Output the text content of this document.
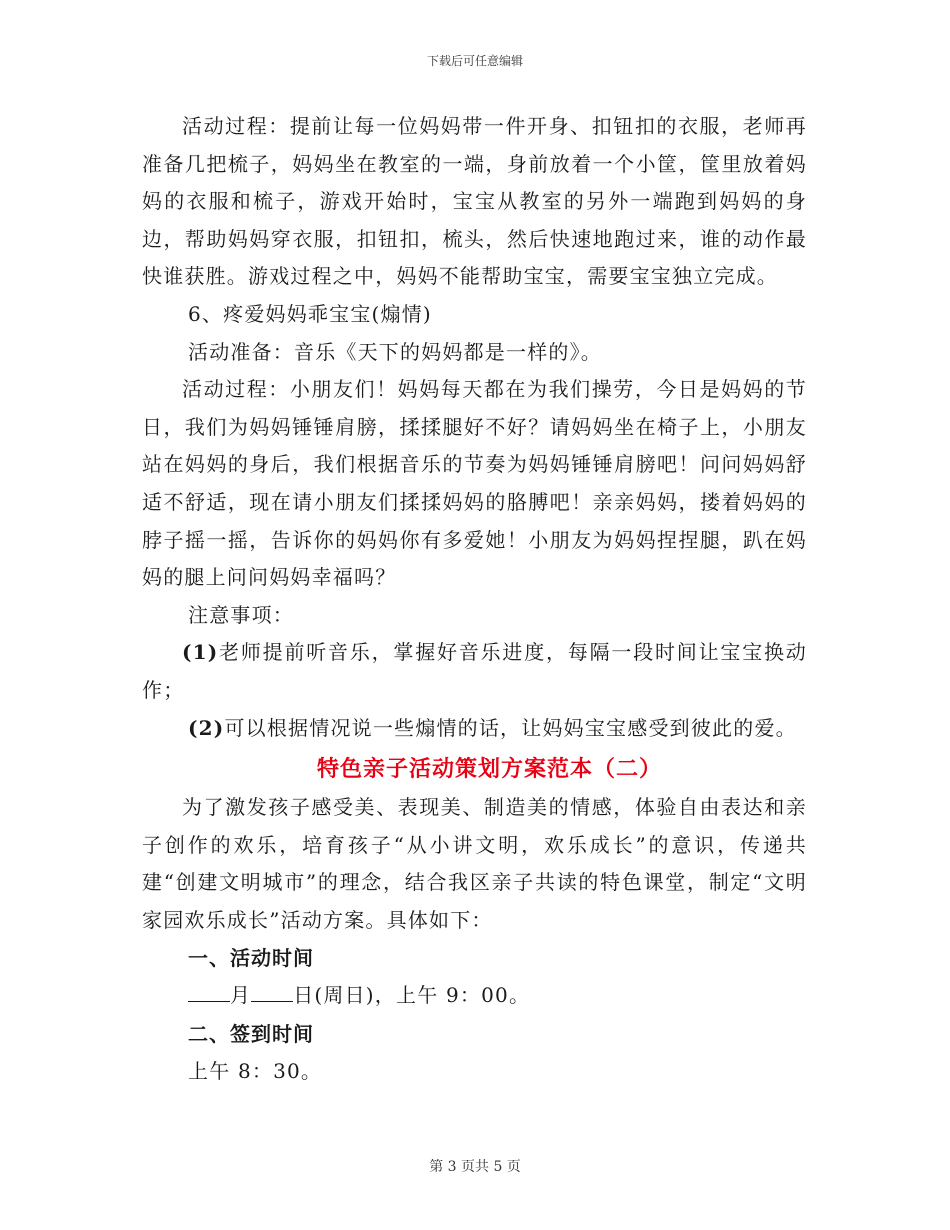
下载后可任意编辑

活动过程：提前让每一位妈妈带一件开身、扣钮扣的衣服，老师再准备几把梳子，妈妈坐在教室的一端，身前放着一个小筐，筐里放着妈妈的衣服和梳子，游戏开始时，宝宝从教室的另外一端跑到妈妈的身边，帮助妈妈穿衣服，扣钮扣，梳头，然后快速地跑过来，谁的动作最快谁获胜。游戏过程之中，妈妈不能帮助宝宝，需要宝宝独立完成。

6、疼爱妈妈乖宝宝(煽情)

活动准备：音乐《天下的妈妈都是一样的》。

活动过程：小朋友们！妈妈每天都在为我们操劳，今日是妈妈的节日，我们为妈妈锤锤肩膀，揉揉腿好不好？请妈妈坐在椅子上，小朋友站在妈妈的身后，我们根据音乐的节奏为妈妈锤锤肩膀吧！问问妈妈舒适不舒适，现在请小朋友们揉揉妈妈的胳膊吧！亲亲妈妈，搂着妈妈的脖子摇一摇，告诉你的妈妈你有多爱她！小朋友为妈妈捏捏腿，趴在妈妈的腿上问问妈妈幸福吗？

注意事项：

(1)老师提前听音乐，掌握好音乐进度，每隔一段时间让宝宝换动作；

(2)可以根据情况说一些煽情的话，让妈妈宝宝感受到彼此的爱。

特色亲子活动策划方案范本（二）

为了激发孩子感受美、表现美、制造美的情感，体验自由表达和亲子创作的欢乐，培育孩子“从小讲文明，欢乐成长”的意识，传递共建“创建文明城市”的理念，结合我区亲子共读的特色课堂，制定“文明家园欢乐成长”活动方案。具体如下：

一、活动时间

月 日(周日)，上午 9：00。

二、签到时间

上午 8：30。

第 3 页共 5 页
